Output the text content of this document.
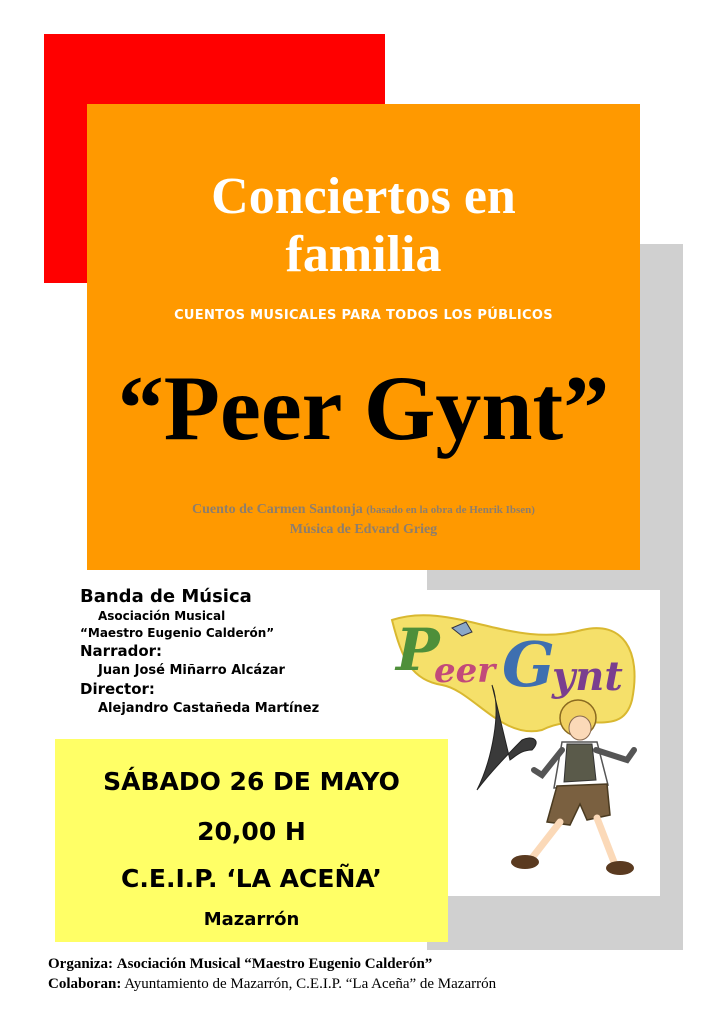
Conciertos en
familia
CUENTOS MUSICALES PARA TODOS LOS PÚBLICOS
“Peer Gynt”
Cuento de Carmen Santonja (basado en la obra de Henrik Ibsen)
Música de Edvard Grieg
P
eer G
ynt
Banda de Música
Asociación Musical
“Maestro Eugenio Calderón”
Narrador:
Juan José Miñarro Alcázar
Director:
Alejandro Castañeda Martínez
SÁBADO 26 DE MAYO
20,00 H
C.E.I.P. ‘LA ACEÑA’
Mazarrón
Organiza: Asociación Musical “Maestro Eugenio Calderón”
Colaboran: Ayuntamiento de Mazarrón, C.E.I.P. “La Aceña” de Mazarrón
